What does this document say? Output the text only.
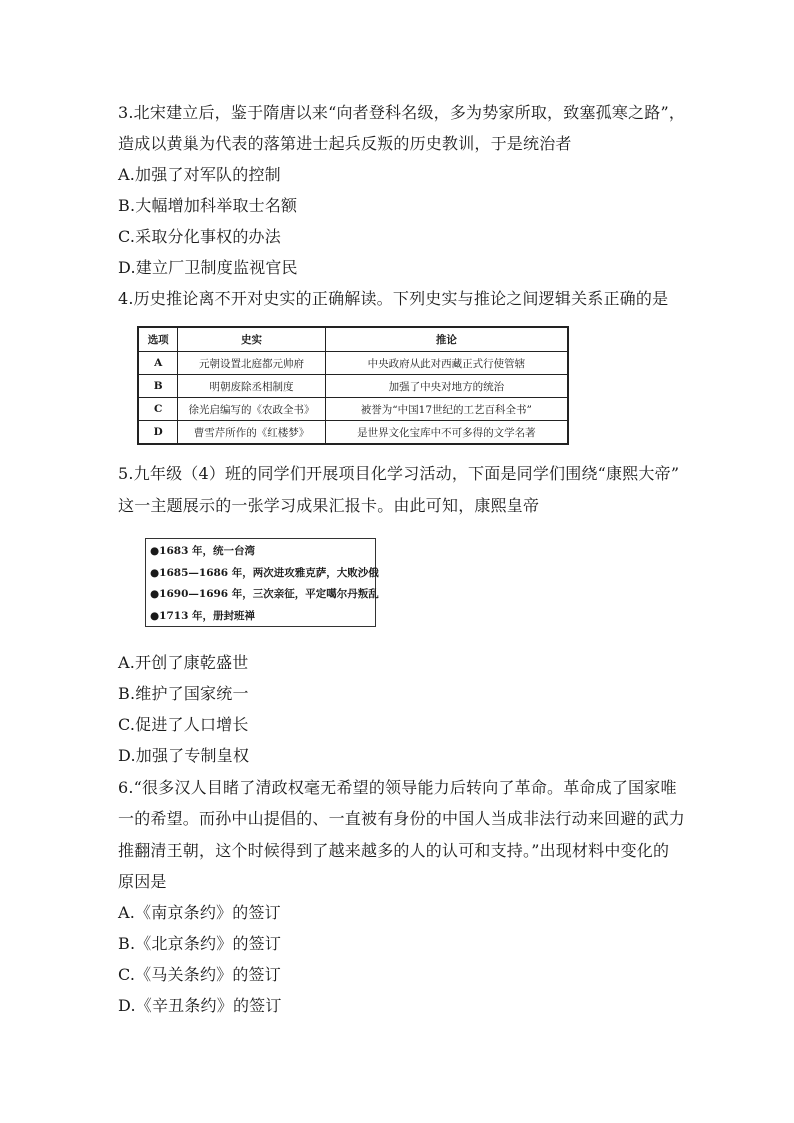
3.北宋建立后，鉴于隋唐以来“向者登科名级，多为势家所取，致塞孤寒之路”，
造成以黄巢为代表的落第进士起兵反叛的历史教训，于是统治者
A.加强了对军队的控制
B.大幅增加科举取士名额
C.采取分化事权的办法
D.建立厂卫制度监视官民
4.历史推论离不开对史实的正确解读。下列史实与推论之间逻辑关系正确的是
选项	史实	推论
A	元朝设置北庭都元帅府	中央政府从此对西藏正式行使管辖
B	明朝废除丞相制度	加强了中央对地方的统治
C	徐光启编写的《农政全书》	被誉为“中国17世纪的工艺百科全书”
D	曹雪芹所作的《红楼梦》	是世界文化宝库中不可多得的文学名著
5.九年级（4）班的同学们开展项目化学习活动，下面是同学们围绕“康熙大帝”
这一主题展示的一张学习成果汇报卡。由此可知，康熙皇帝
●1683 年，统一台湾
●1685—1686 年，两次进攻雅克萨，大败沙俄
●1690—1696 年，三次亲征，平定噶尔丹叛乱
●1713 年，册封班禅
A.开创了康乾盛世
B.维护了国家统一
C.促进了人口增长
D.加强了专制皇权
6.“很多汉人目睹了清政权毫无希望的领导能力后转向了革命。革命成了国家唯
一的希望。而孙中山提倡的、一直被有身份的中国人当成非法行动来回避的武力
推翻清王朝，这个时候得到了越来越多的人的认可和支持。”出现材料中变化的
原因是
A.《南京条约》的签订
B.《北京条约》的签订
C.《马关条约》的签订
D.《辛丑条约》的签订
